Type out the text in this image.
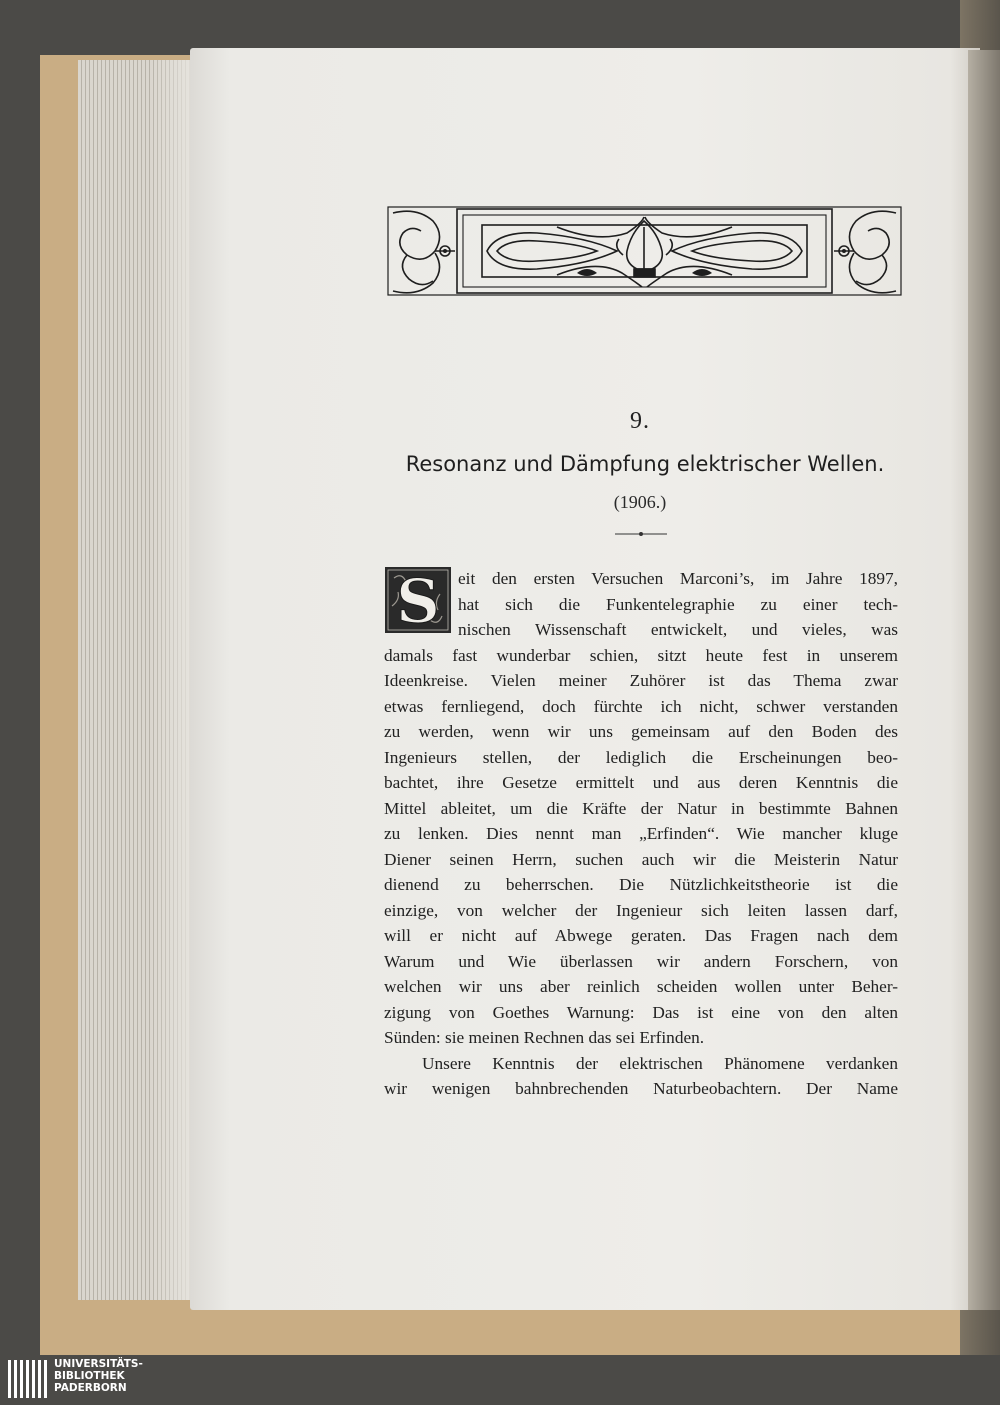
9.
Resonanz und Dämpfung elektrischer Wellen.
(1906.)
S	eit den ersten Versuchen Marconi’s, im Jahre 1897,
hat sich die Funkentelegraphie zu einer tech-
nischen Wissenschaft entwickelt, und vieles, was
damals fast wunderbar schien, sitzt heute fest in unserem
Ideenkreise. Vielen meiner Zuhörer ist das Thema zwar
etwas fernliegend, doch fürchte ich nicht, schwer verstanden
zu werden, wenn wir uns gemeinsam auf den Boden des
Ingenieurs stellen, der lediglich die Erscheinungen beo-
bachtet, ihre Gesetze ermittelt und aus deren Kenntnis die
Mittel ableitet, um die Kräfte der Natur in bestimmte Bahnen
zu lenken. Dies nennt man „Erfinden“. Wie mancher kluge
Diener seinen Herrn, suchen auch wir die Meisterin Natur
dienend zu beherrschen. Die Nützlichkeitstheorie ist die
einzige, von welcher der Ingenieur sich leiten lassen darf,
will er nicht auf Abwege geraten. Das Fragen nach dem
Warum und Wie überlassen wir andern Forschern, von
welchen wir uns aber reinlich scheiden wollen unter Beher-
zigung von Goethes Warnung: Das ist eine von den alten
Sünden: sie meinen Rechnen das sei Erfinden.
Unsere Kenntnis der elektrischen Phänomene verdanken
wir wenigen bahnbrechenden Naturbeobachtern. Der Name
UNIVERSITÄTS-
BIBLIOTHEK
PADERBORN
